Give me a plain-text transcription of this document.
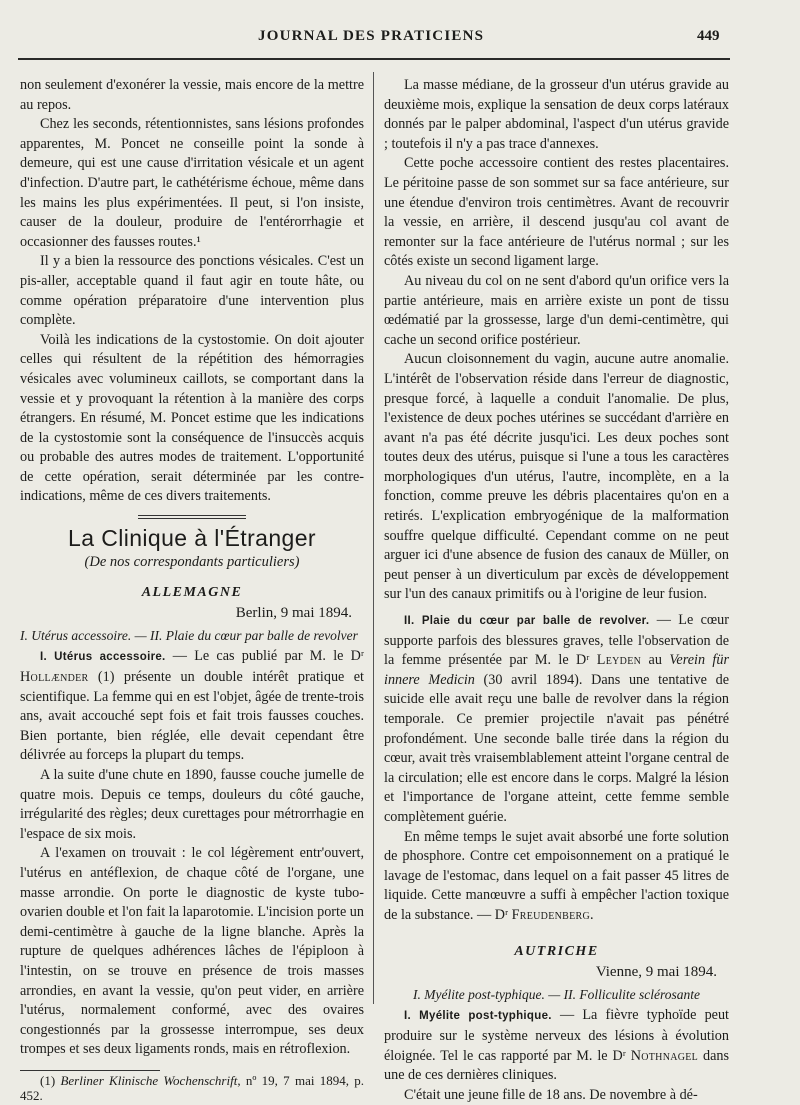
JOURNAL DES PRATICIENS	449

non seulement d'exonérer la vessie, mais encore de la mettre au repos.

Chez les seconds, rétentionnistes, sans lésions profondes apparentes, M. Poncet ne conseille point la sonde à demeure, qui est une cause d'irritation vésicale et un agent d'infection. D'autre part, le cathétérisme échoue, même dans les mains les plus expérimentées. Il peut, si l'on insiste, causer de la douleur, produire de l'entérorrhagie et occasionner des fausses routes.¹

Il y a bien la ressource des ponctions vésicales. C'est un pis-aller, acceptable quand il faut agir en toute hâte, ou comme opération préparatoire d'une intervention plus complète.

Voilà les indications de la cystostomie. On doit ajouter celles qui résultent de la répétition des hémorragies vésicales avec volumineux caillots, se comportant dans la vessie et y provoquant la rétention à la manière des corps étrangers. En résumé, M. Poncet estime que les indications de la cystostomie sont la conséquence de l'insuccès acquis ou probable des autres modes de traitement. L'opportunité de cette opération, serait déterminée par les contre-indications, même de ces divers traitements.

La Clinique à l'Étranger
(De nos correspondants particuliers)
ALLEMAGNE
Berlin, 9 mai 1894.
I. Utérus accessoire. — II. Plaie du cœur par balle de revolver

I. Utérus accessoire. — Le cas publié par M. le Dʳ Hollænder (1) présente un double intérêt pratique et scientifique. La femme qui en est l'objet, âgée de trente-trois ans, avait accouché sept fois et fait trois fausses couches. Bien portante, bien réglée, elle devait cependant être délivrée au forceps la plupart du temps.

A la suite d'une chute en 1890, fausse couche jumelle de quatre mois. Depuis ce temps, douleurs du côté gauche, irrégularité des règles; deux curettages pour métrorrhagie en l'espace de six mois.

A l'examen on trouvait : le col légèrement entr'ouvert, l'utérus en antéflexion, de chaque côté de l'organe, une masse arrondie. On porte le diagnostic de kyste tubo-ovarien double et l'on fait la laparotomie. L'incision porte un demi-centimètre à gauche de la ligne blanche. Après la rupture de quelques adhérences lâches de l'épiploon à l'intestin, on se trouve en présence de trois masses arrondies, en avant la vessie, qu'on peut vider, en arrière l'utérus, normalement conformé, avec des ovaires congestionnés par la grossesse interrompue, ses deux trompes et ses deux ligaments ronds, mais en rétroflexion.

(1) Berliner Klinische Wochenschrift, nº 19, 7 mai 1894, p. 452.

La masse médiane, de la grosseur d'un utérus gravide au deuxième mois, explique la sensation de deux corps latéraux donnés par le palper abdominal, l'aspect d'un utérus gravide ; toutefois il n'y a pas trace d'annexes.

Cette poche accessoire contient des restes placentaires. Le péritoine passe de son sommet sur sa face antérieure, sur une étendue d'environ trois centimètres. Avant de recouvrir la vessie, en arrière, il descend jusqu'au col avant de remonter sur la face antérieure de l'utérus normal ; sur les côtés existe un second ligament large.

Au niveau du col on ne sent d'abord qu'un orifice vers la partie antérieure, mais en arrière existe un pont de tissu œdématié par la grossesse, large d'un demi-centimètre, qui cache un second orifice postérieur.

Aucun cloisonnement du vagin, aucune autre anomalie. L'intérêt de l'observation réside dans l'erreur de diagnostic, presque forcé, à laquelle a conduit l'anomalie. De plus, l'existence de deux poches utérines se succédant d'arrière en avant n'a pas été décrite jusqu'ici. Les deux poches sont toutes deux des utérus, puisque si l'une a tous les caractères morphologiques d'un utérus, l'autre, incomplète, en a la fonction, comme preuve les débris placentaires qu'on en a retirés. L'explication embryogénique de la malformation souffre quelque difficulté. Cependant comme on ne peut arguer ici d'une absence de fusion des canaux de Müller, on peut penser à un diverticulum par excès de développement sur l'un des canaux primitifs ou à l'origine de leur fusion.

II. Plaie du cœur par balle de revolver. — Le cœur supporte parfois des blessures graves, telle l'observation de la femme présentée par M. le Dʳ Leyden au Verein für innere Medicin (30 avril 1894). Dans une tentative de suicide elle avait reçu une balle de revolver dans la région temporale. Ce premier projectile n'avait pas pénétré profondément. Une seconde balle tirée dans la région du cœur, avait très vraisemblablement atteint l'organe central de la circulation; elle est encore dans le corps. Malgré la lésion et l'importance de l'organe atteint, cette femme semble complètement guérie.

En même temps le sujet avait absorbé une forte solution de phosphore. Contre cet empoisonnement on a pratiqué le lavage de l'estomac, dans lequel on a fait passer 45 litres de liquide. Cette manœuvre a suffi à empêcher l'action toxique de la substance. — Dʳ Freudenberg.

AUTRICHE
Vienne, 9 mai 1894.
I. Myélite post-typhique. — II. Folliculite sclérosante

I. Myélite post-typhique. — La fièvre typhoïde peut produire sur le système nerveux des lésions à évolution éloignée. Tel le cas rapporté par M. le Dʳ Nothnagel dans une de ces dernières cliniques.

C'était une jeune fille de 18 ans. De novembre à dé-
